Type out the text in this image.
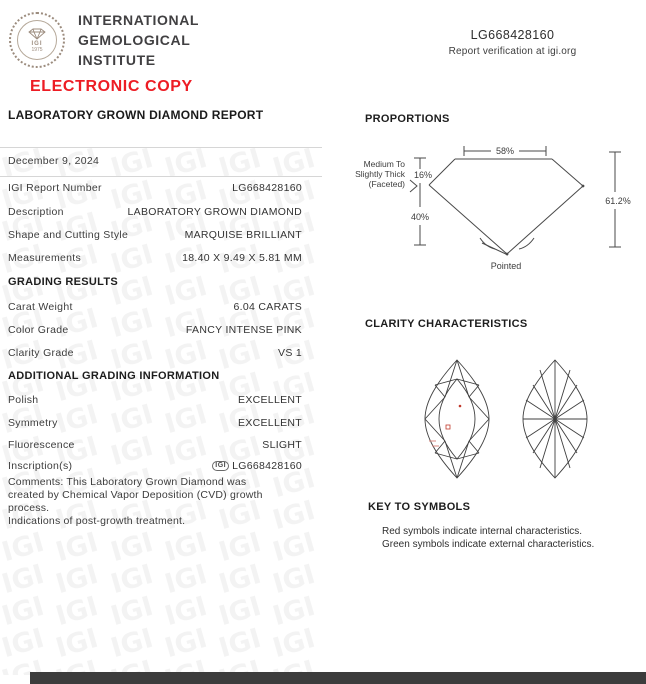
IGI
1975
INTERNATIONAL
GEMOLOGICAL
INSTITUTE
ELECTRONIC COPY
LG668428160
Report verification at igi.org
LABORATORY GROWN DIAMOND REPORT
December 9, 2024
IGI Report Number	LG668428160
Description	LABORATORY GROWN DIAMOND
Shape and Cutting Style	MARQUISE BRILLIANT
Measurements	18.40 X 9.49 X 5.81 MM
GRADING RESULTS
Carat Weight	6.04 CARATS
Color Grade	FANCY INTENSE PINK
Clarity Grade	VS 1
ADDITIONAL GRADING INFORMATION
Polish	EXCELLENT
Symmetry	EXCELLENT
Fluorescence	SLIGHT
Inscription(s)	IGI LG668428160
Comments: This Laboratory Grown Diamond was
created by Chemical Vapor Deposition (CVD) growth
process.
Indications of post-growth treatment.
PROPORTIONS
58%
16%
40%
61.2%
Medium To
Slightly Thick
(Faceted)
Pointed
CLARITY CHARACTERISTICS
KEY TO SYMBOLS
Red symbols indicate internal characteristics.
Green symbols indicate external characteristics.
